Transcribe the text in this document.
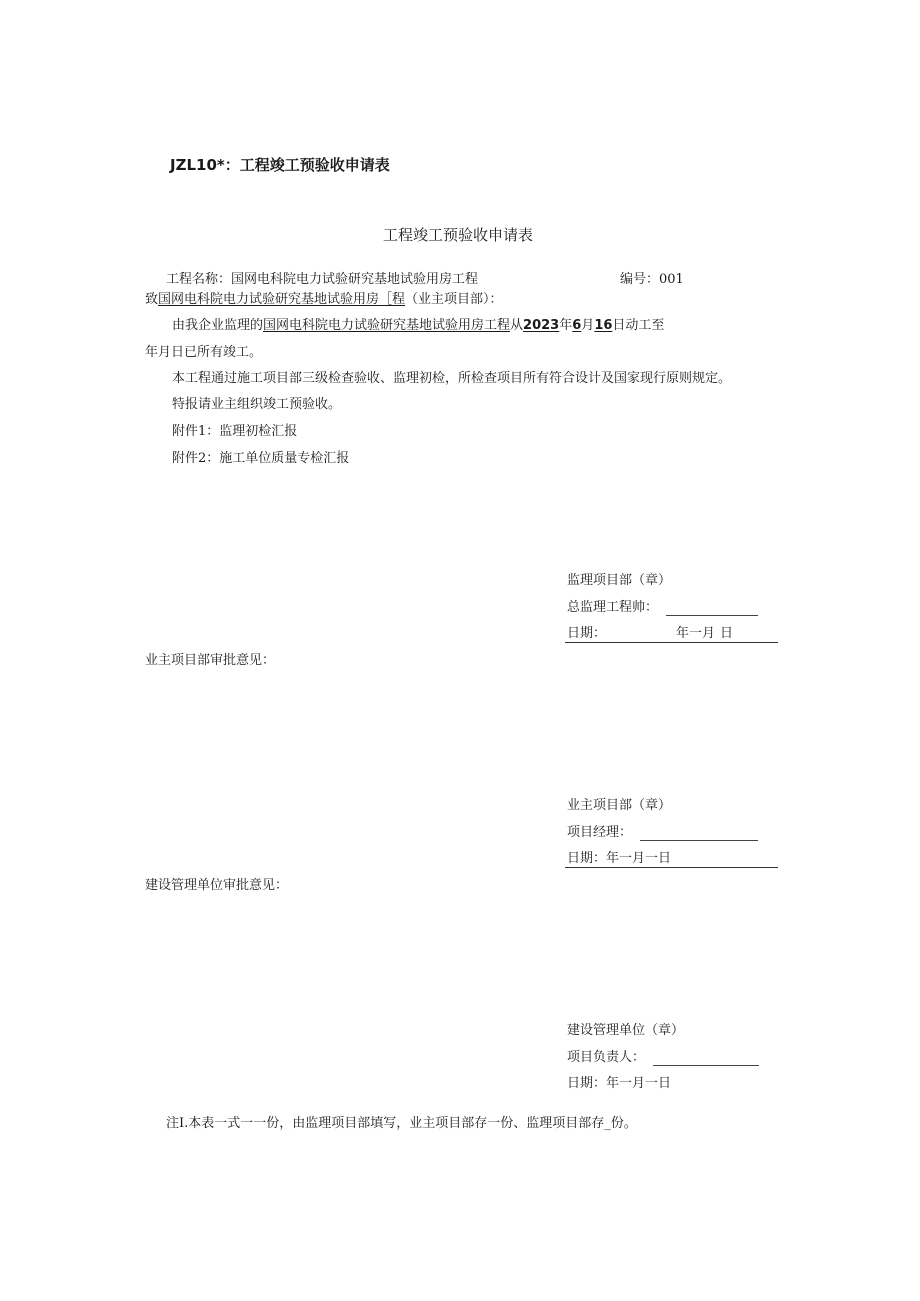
JZL10*：工程竣工预验收申请表
工程竣工预验收申请表
工程名称：国网电科院电力试验研究基地试验用房工程	编号：001
致国网电科院电力试验研究基地试验用房［程（业主项目部）：
由我企业监理的国网电科院电力试验研究基地试验用房工程从2023年6月16日动工至
年月日已所有竣工。
本工程通过施工项目部三级检查验收、监理初检，所检查项目所有符合设计及国家现行原则规定。
特报请业主组织竣工预验收。
附件1：监理初检汇报
附件2：施工单位质量专检汇报
监理项目部（章）
总监理工程帅：
日期：	年一月 日
业主项目部审批意见：
业主项目部（章）
项目经理：
日期：年一月一日
建设管理单位审批意见：
建设管理单位（章）
项目负责人：
日期：年一月一日
注Ⅰ.本表一式一一份，由监理项目部填写，业主项目部存一份、监理项目部存_份。
